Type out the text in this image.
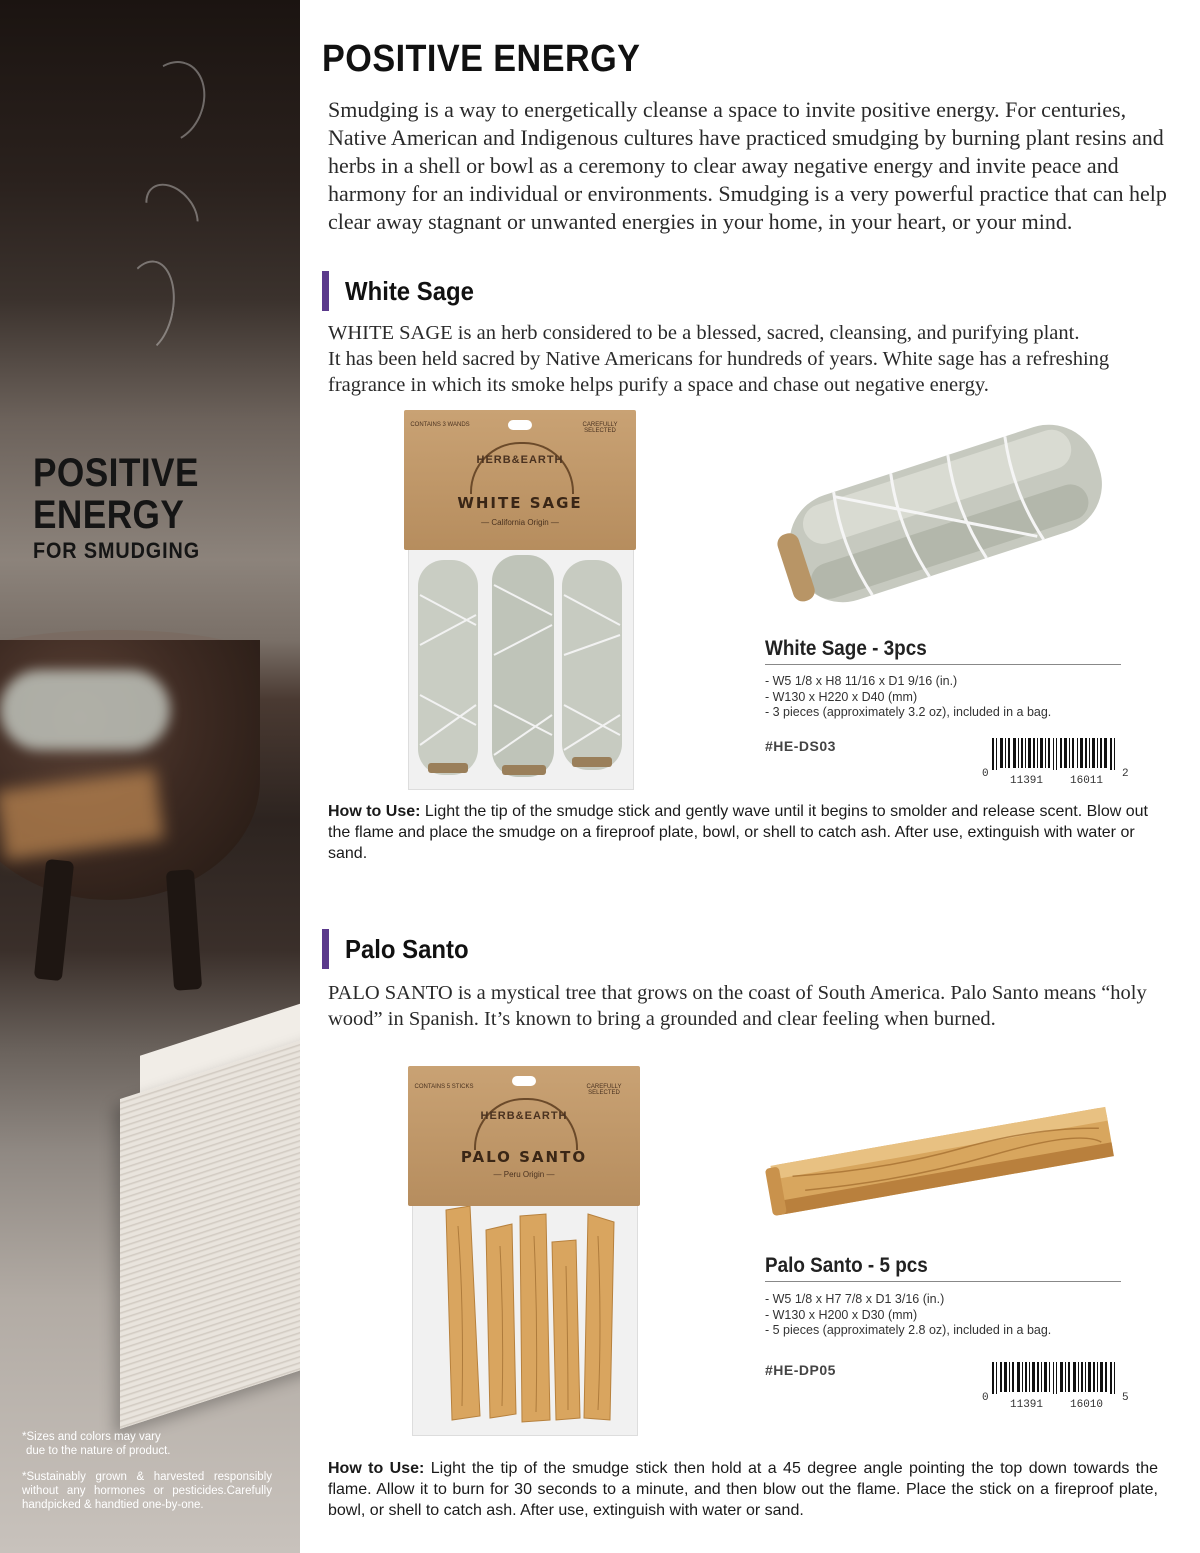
POSITIVE
ENERGY
FOR SMUDGING
*Sizes and colors may vary
due to the nature of product.
*Sustainably grown & harvested responsibly without any hormones or pesticides.Carefully handpicked & handtied one-by-one.
POSITIVE ENERGY
Smudging is a way to energetically cleanse a space to invite positive energy. For centuries, Native American and Indigenous cultures have practiced smudging by burning plant resins and herbs in a shell or bowl as a ceremony to clear away negative energy and invite peace and harmony for an individual or environments. Smudging is a very powerful practice that can help clear away stagnant or unwanted energies in your home, in your heart, or your mind.
White Sage
WHITE SAGE is an herb considered to be a blessed, sacred, cleansing, and purifying plant.
It has been held sacred by Native Americans for hundreds of years. White sage has a refreshing fragrance in which its smoke helps purify a space and chase out negative energy.
CONTAINS 3 WANDS	CAREFULLY SELECTED
HERB&EARTH
WHITE SAGE
— California Origin —
White Sage - 3pcs
- W5 1/8 x H8 11/16 x D1 9/16 (in.)
- W130 x H220 x D40 (mm)
- 3 pieces (approximately 3.2 oz), included in a bag.
#HE-DS03
0
11391 16011
2
How to Use: Light the tip of the smudge stick and gently wave until it begins to smolder and release scent. Blow out the flame and place the smudge on a fireproof plate, bowl, or shell to catch ash. After use, extinguish with water or sand.
Palo Santo
PALO SANTO is a mystical tree that grows on the coast of South America. Palo Santo means “holy wood” in Spanish. It’s known to bring a grounded and clear feeling when burned.
CONTAINS 5 STICKS	CAREFULLY SELECTED
HERB&EARTH
PALO SANTO
— Peru Origin —
Palo Santo - 5 pcs
- W5 1/8 x H7 7/8 x D1 3/16 (in.)
- W130 x H200 x D30 (mm)
- 5 pieces (approximately 2.8 oz), included in a bag.
#HE-DP05
0
11391 16010
5
How to Use: Light the tip of the smudge stick then hold at a 45 degree angle pointing the top down towards the flame. Allow it to burn for 30 seconds to a minute, and then blow out the flame. Place the stick on a fireproof plate, bowl, or shell to catch ash. After use, extinguish with water or sand.
